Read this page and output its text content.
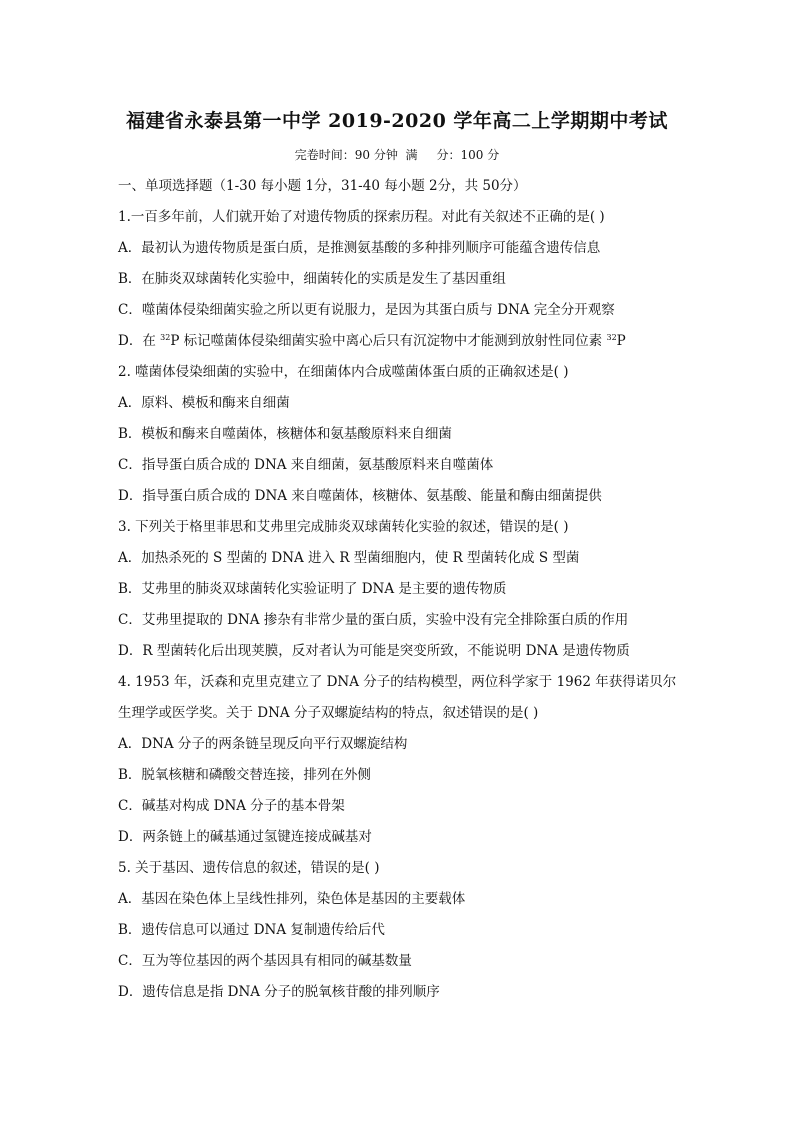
福建省永泰县第一中学 2019-2020 学年高二上学期期中考试
完卷时间：90 分钟  满     分：100 分
一、单项选择题（1-30 每小题 1分，31-40 每小题 2分，共 50分）
1.一百多年前，人们就开始了对遗传物质的探索历程。对此有关叙述不正确的是( )
A．最初认为遗传物质是蛋白质，是推测氨基酸的多种排列顺序可能蕴含遗传信息
B．在肺炎双球菌转化实验中，细菌转化的实质是发生了基因重组
C．噬菌体侵染细菌实验之所以更有说服力，是因为其蛋白质与 DNA 完全分开观察
D．在 $^{32}$P 标记噬菌体侵染细菌实验中离心后只有沉淀物中才能测到放射性同位素 $^{32}$P
2. 噬菌体侵染细菌的实验中，在细菌体内合成噬菌体蛋白质的正确叙述是( )
A．原料、模板和酶来自细菌
B．模板和酶来自噬菌体，核糖体和氨基酸原料来自细菌
C．指导蛋白质合成的 DNA 来自细菌，氨基酸原料来自噬菌体
D．指导蛋白质合成的 DNA 来自噬菌体，核糖体、氨基酸、能量和酶由细菌提供
3. 下列关于格里菲思和艾弗里完成肺炎双球菌转化实验的叙述，错误的是( )
A．加热杀死的 S 型菌的 DNA 进入 R 型菌细胞内，使 R 型菌转化成 S 型菌
B．艾弗里的肺炎双球菌转化实验证明了 DNA 是主要的遗传物质
C．艾弗里提取的 DNA 掺杂有非常少量的蛋白质，实验中没有完全排除蛋白质的作用
D．R 型菌转化后出现荚膜，反对者认为可能是突变所致，不能说明 DNA 是遗传物质
4. 1953 年，沃森和克里克建立了 DNA 分子的结构模型，两位科学家于 1962 年获得诺贝尔
生理学或医学奖。关于 DNA 分子双螺旋结构的特点，叙述错误的是( )
A．DNA 分子的两条链呈现反向平行双螺旋结构
B．脱氧核糖和磷酸交替连接，排列在外侧
C．碱基对构成 DNA 分子的基本骨架
D．两条链上的碱基通过氢键连接成碱基对
5. 关于基因、遗传信息的叙述，错误的是( )
A．基因在染色体上呈线性排列，染色体是基因的主要载体
B．遗传信息可以通过 DNA 复制遗传给后代
C．互为等位基因的两个基因具有相同的碱基数量
D．遗传信息是指 DNA 分子的脱氧核苷酸的排列顺序
